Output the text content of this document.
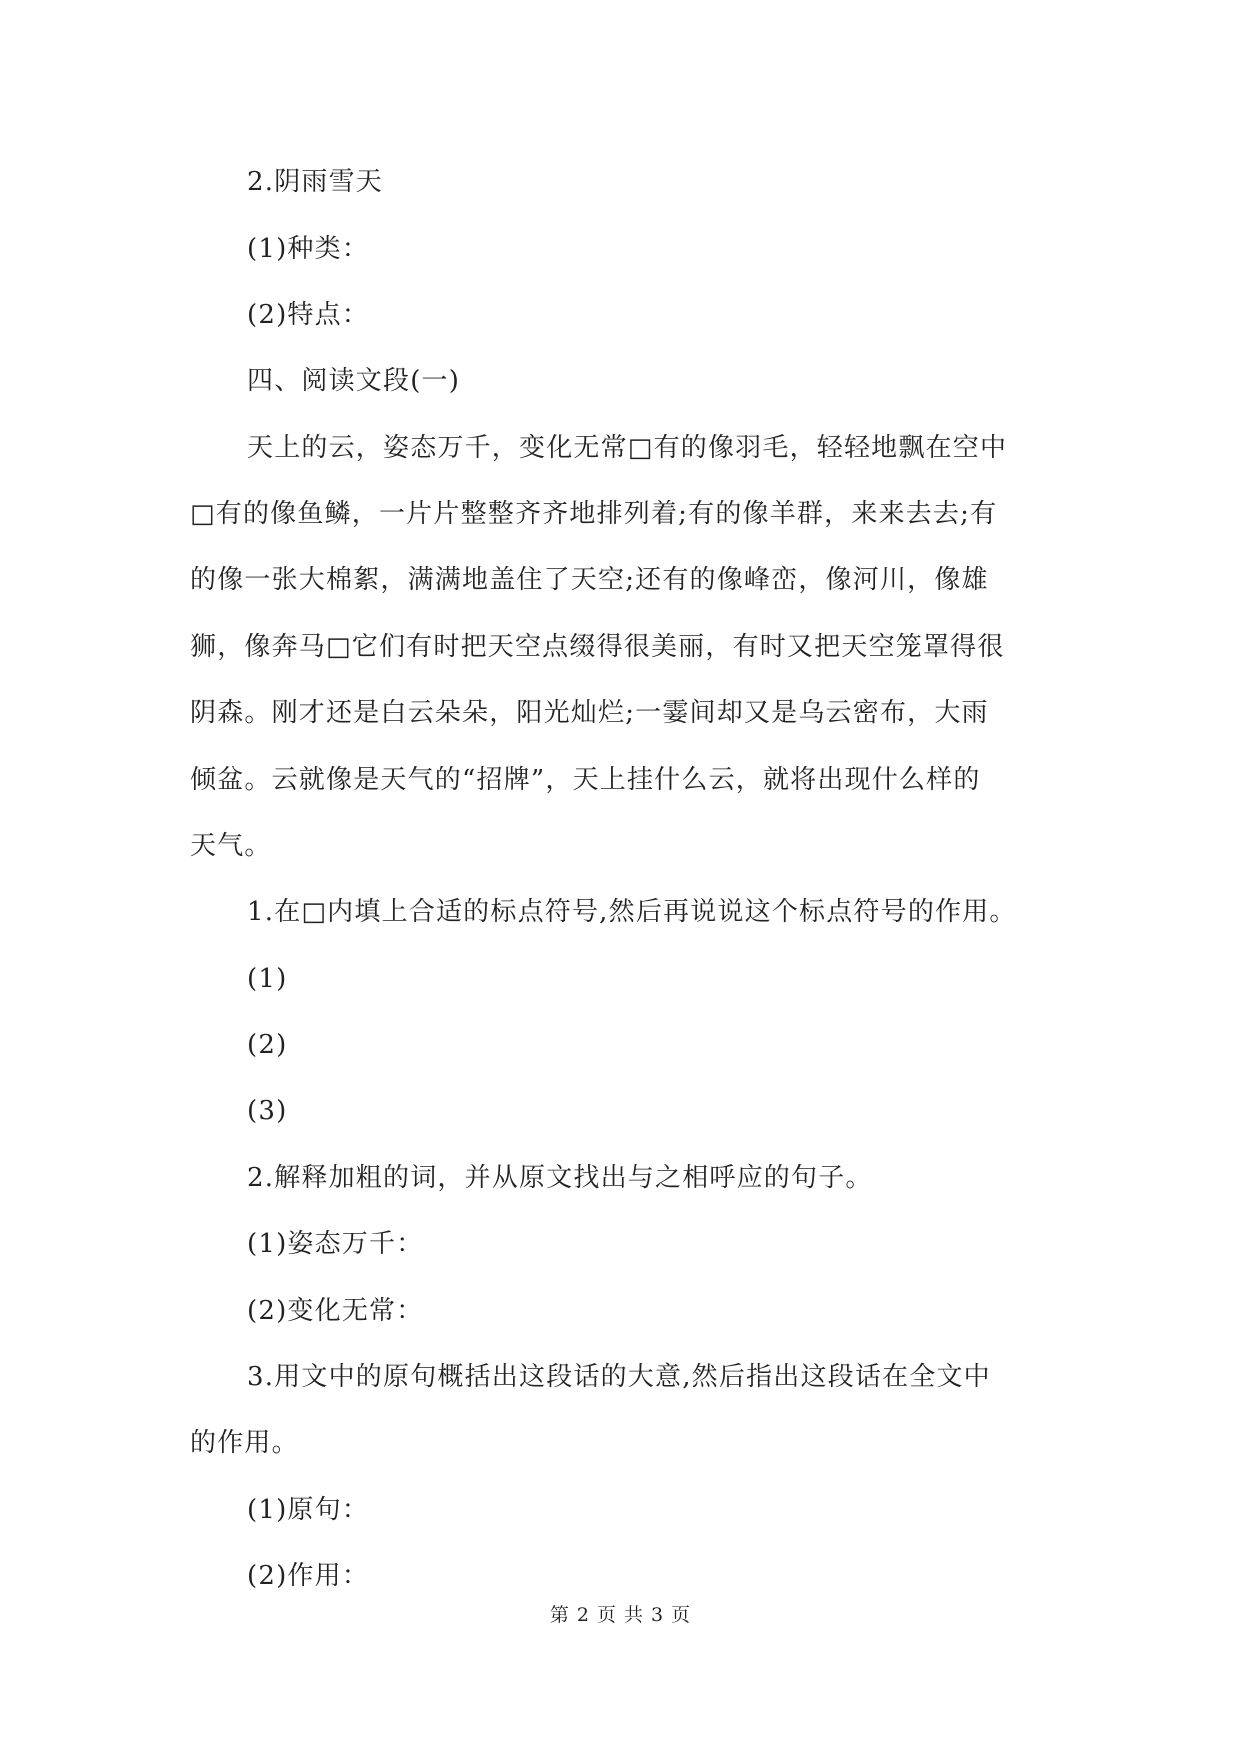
2.阴雨雪天

(1)种类：

(2)特点：

四、阅读文段(一)

天上的云，姿态万千，变化无常□有的像羽毛，轻轻地飘在空中

□有的像鱼鳞，一片片整整齐齐地排列着;有的像羊群，来来去去;有

的像一张大棉絮，满满地盖住了天空;还有的像峰峦，像河川，像雄

狮，像奔马□它们有时把天空点缀得很美丽，有时又把天空笼罩得很

阴森。刚才还是白云朵朵，阳光灿烂;一霎间却又是乌云密布，大雨

倾盆。云就像是天气的“招牌”，天上挂什么云，就将出现什么样的

天气。

1.在□内填上合适的标点符号,然后再说说这个标点符号的作用。

(1)

(2)

(3)

2.解释加粗的词，并从原文找出与之相呼应的句子。

(1)姿态万千：

(2)变化无常：

3.用文中的原句概括出这段话的大意,然后指出这段话在全文中

的作用。

(1)原句：

(2)作用：

第 2 页 共 3 页
